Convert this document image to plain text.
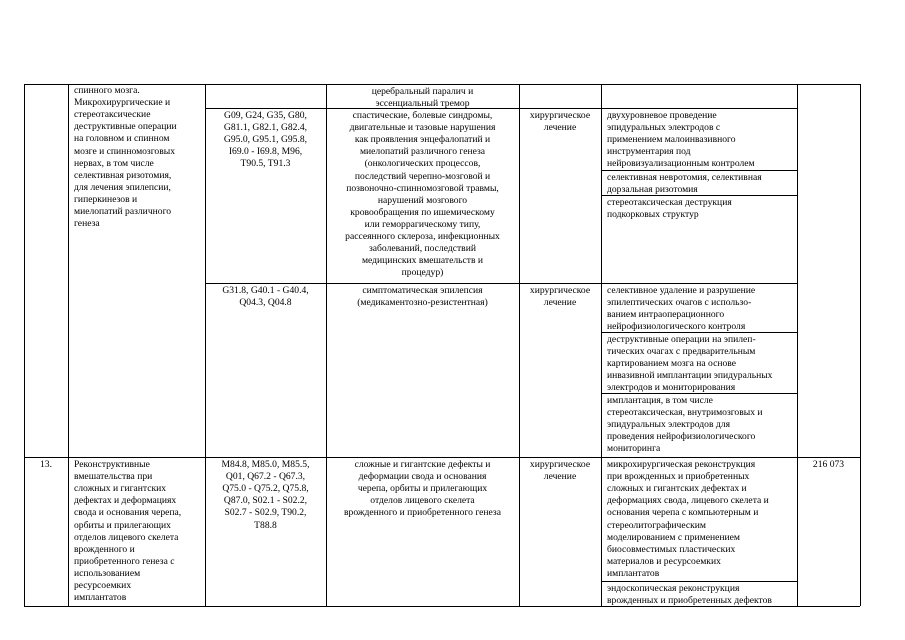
спинного мозга.
Микрохирургические и
стереотаксические
деструктивные операции
на головном и спинном
мозге и спинномозговых
нервах, в том числе
селективная ризотомия,
для лечения эпилепсии,
гиперкинезов и
миелопатий различного
генеза
церебральный паралич и
эссенциальный тремор
G09, G24, G35, G80,
G81.1, G82.1, G82.4,
G95.0, G95.1, G95.8,
I69.0 - I69.8, M96,
T90.5, T91.3
спастические, болевые синдромы,
двигательные и тазовые нарушения
как проявления энцефалопатий и
миелопатий различного генеза
(онкологических процессов,
последствий черепно-мозговой и
позвоночно-спинномозговой травмы,
нарушений мозгового
кровообращения по ишемическому
или геморрагическому типу,
рассеянного склероза, инфекционных
заболеваний, последствий
медицинских вмешательств и
процедур)
хирургическое
лечение
двухуровневое проведение
эпидуральных электродов с
применением малоинвазивного
инструментария под
нейровизуализационным контролем
селективная невротомия, селективная
дорзальная ризотомия
стереотаксическая деструкция
подкорковых структур
G31.8, G40.1 - G40.4,
Q04.3, Q04.8
симптоматическая эпилепсия
(медикаментозно-резистентная)
хирургическое
лечение
селективное удаление и разрушение
эпилептических очагов с использо-
ванием интраоперационного
нейрофизиологического контроля
деструктивные операции на эпилеп-
тических очагах с предварительным
картированием мозга на основе
инвазивной имплантации эпидуральных
электродов и мониторирования
имплантация, в том числе
стереотаксическая, внутримозговых и
эпидуральных электродов для
проведения нейрофизиологического
мониторинга
13. Реконструктивные
вмешательства при
сложных и гигантских
дефектах и деформациях
свода и основания черепа,
орбиты и прилегающих
отделов лицевого скелета
врожденного и
приобретенного генеза с
использованием
ресурсоемких
имплантатов
M84.8, M85.0, M85.5,
Q01, Q67.2 - Q67.3,
Q75.0 - Q75.2, Q75.8,
Q87.0, S02.1 - S02.2,
S02.7 - S02.9, T90.2,
T88.8
сложные и гигантские дефекты и
деформации свода и основания
черепа, орбиты и прилегающих
отделов лицевого скелета
врожденного и приобретенного генеза
хирургическое
лечение
микрохирургическая реконструкция
при врожденных и приобретенных
сложных и гигантских дефектах и
деформациях свода, лицевого скелета и
основания черепа с компьютерным и
стереолитографическим
моделированием с применением
биосовместимых пластических
материалов и ресурсоемких
имплантатов
эндоскопическая реконструкция
врожденных и приобретенных дефектов
216 073
